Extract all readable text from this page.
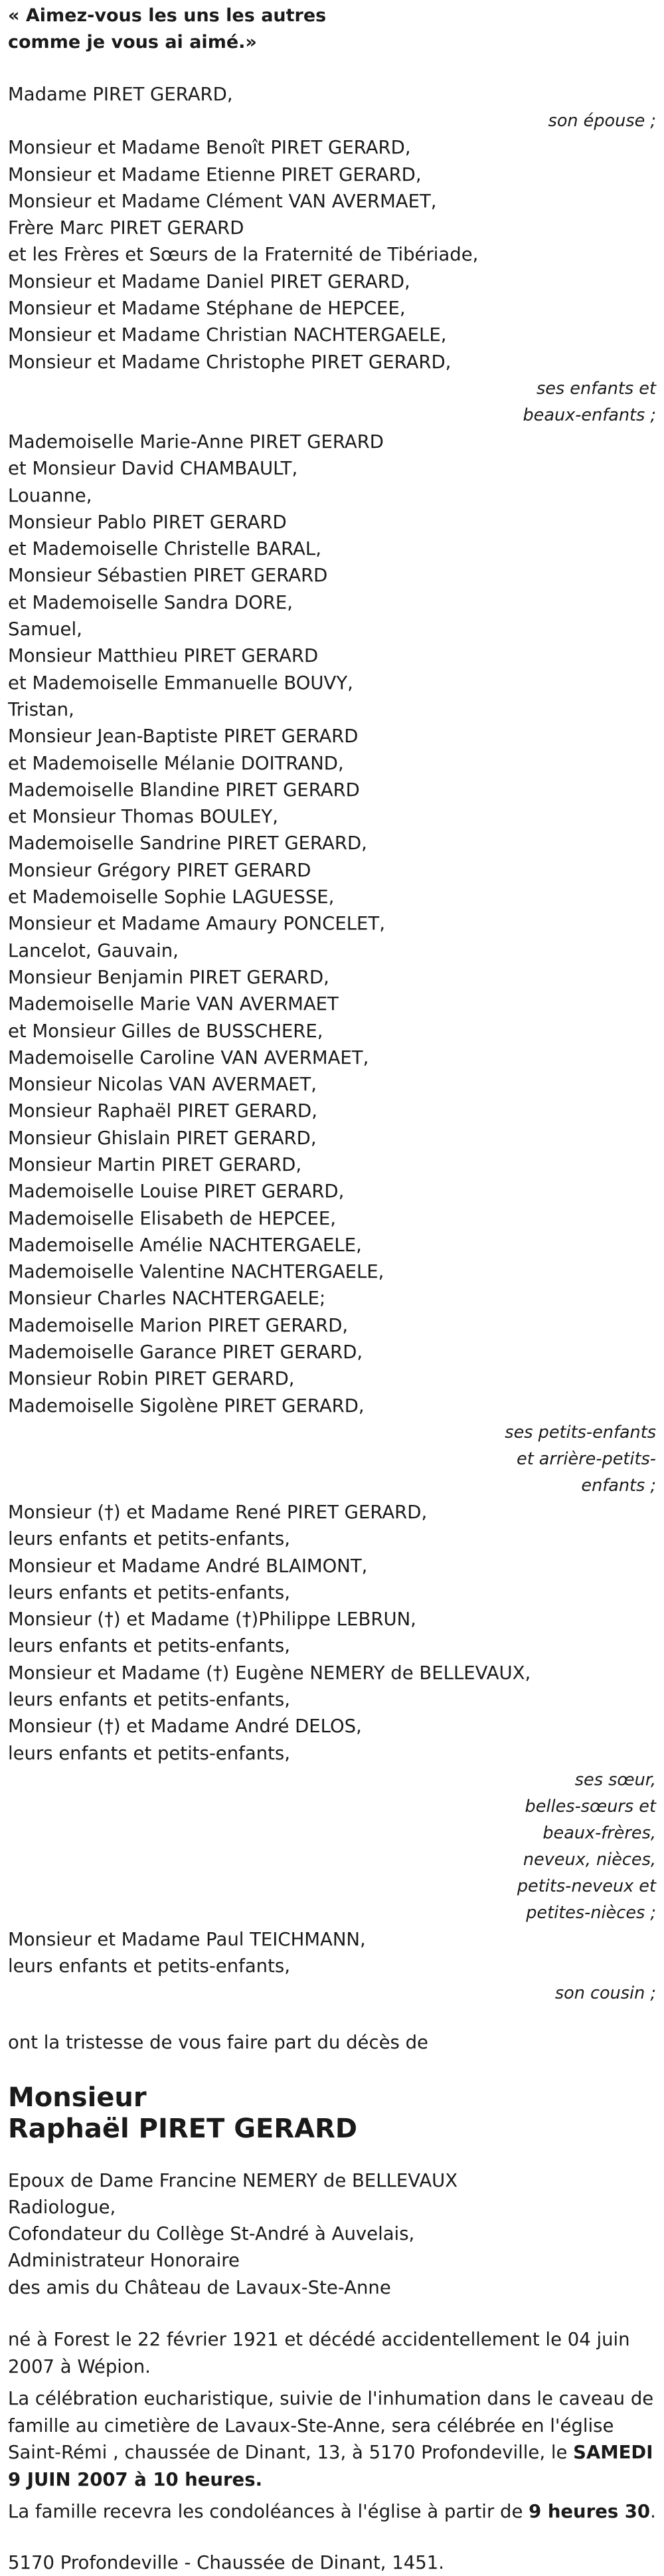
« Aimez-vous les uns les autres
comme je vous ai aimé.»
Madame PIRET GERARD,
son épouse ;
Monsieur et Madame Benoît PIRET GERARD,
Monsieur et Madame Etienne PIRET GERARD,
Monsieur et Madame Clément VAN AVERMAET,
Frère Marc PIRET GERARD
et les Frères et Sœurs de la Fraternité de Tibériade,
Monsieur et Madame Daniel PIRET GERARD,
Monsieur et Madame Stéphane de HEPCEE,
Monsieur et Madame Christian NACHTERGAELE,
Monsieur et Madame Christophe PIRET GERARD,
ses enfants et
beaux-enfants ;
Mademoiselle Marie-Anne PIRET GERARD
et Monsieur David CHAMBAULT,
Louanne,
Monsieur Pablo PIRET GERARD
et Mademoiselle Christelle BARAL,
Monsieur Sébastien PIRET GERARD
et Mademoiselle Sandra DORE,
Samuel,
Monsieur Matthieu PIRET GERARD
et Mademoiselle Emmanuelle BOUVY,
Tristan,
Monsieur Jean-Baptiste PIRET GERARD
et Mademoiselle Mélanie DOITRAND,
Mademoiselle Blandine PIRET GERARD
et Monsieur Thomas BOULEY,
Mademoiselle Sandrine PIRET GERARD,
Monsieur Grégory PIRET GERARD
et Mademoiselle Sophie LAGUESSE,
Monsieur et Madame Amaury PONCELET,
Lancelot, Gauvain,
Monsieur Benjamin PIRET GERARD,
Mademoiselle Marie VAN AVERMAET
et Monsieur Gilles de BUSSCHERE,
Mademoiselle Caroline VAN AVERMAET,
Monsieur Nicolas VAN AVERMAET,
Monsieur Raphaël PIRET GERARD,
Monsieur Ghislain PIRET GERARD,
Monsieur Martin PIRET GERARD,
Mademoiselle Louise PIRET GERARD,
Mademoiselle Elisabeth de HEPCEE,
Mademoiselle Amélie NACHTERGAELE,
Mademoiselle Valentine NACHTERGAELE,
Monsieur Charles NACHTERGAELE;
Mademoiselle Marion PIRET GERARD,
Mademoiselle Garance PIRET GERARD,
Monsieur Robin PIRET GERARD,
Mademoiselle Sigolène PIRET GERARD,
ses petits-enfants
et arrière-petits-
enfants ;
Monsieur (†) et Madame René PIRET GERARD,
leurs enfants et petits-enfants,
Monsieur et Madame André BLAIMONT,
leurs enfants et petits-enfants,
Monsieur (†) et Madame (†)Philippe LEBRUN,
leurs enfants et petits-enfants,
Monsieur et Madame (†) Eugène NEMERY de BELLEVAUX,
leurs enfants et petits-enfants,
Monsieur (†) et Madame André DELOS,
leurs enfants et petits-enfants,
ses sœur,
belles-sœurs et
beaux-frères,
neveux, nièces,
petits-neveux et
petites-nièces ;
Monsieur et Madame Paul TEICHMANN,
leurs enfants et petits-enfants,
son cousin ;
ont la tristesse de vous faire part du décès de
Monsieur
Raphaël PIRET GERARD
Epoux de Dame Francine NEMERY de BELLEVAUX
Radiologue,
Cofondateur du Collège St-André à Auvelais,
Administrateur Honoraire
des amis du Château de Lavaux-Ste-Anne
né à Forest le 22 février 1921 et décédé accidentellement le 04 juin 2007 à Wépion.
La célébration eucharistique, suivie de l'inhumation dans le caveau de famille au cimetière de Lavaux-Ste-Anne, sera célébrée en l'église Saint-Rémi , chaussée de Dinant, 13, à 5170 Profondeville, le SAMEDI 9 JUIN 2007 à 10 heures.
La famille recevra les condoléances à l'église à partir de 9 heures 30.
5170 Profondeville - Chaussée de Dinant, 1451.
